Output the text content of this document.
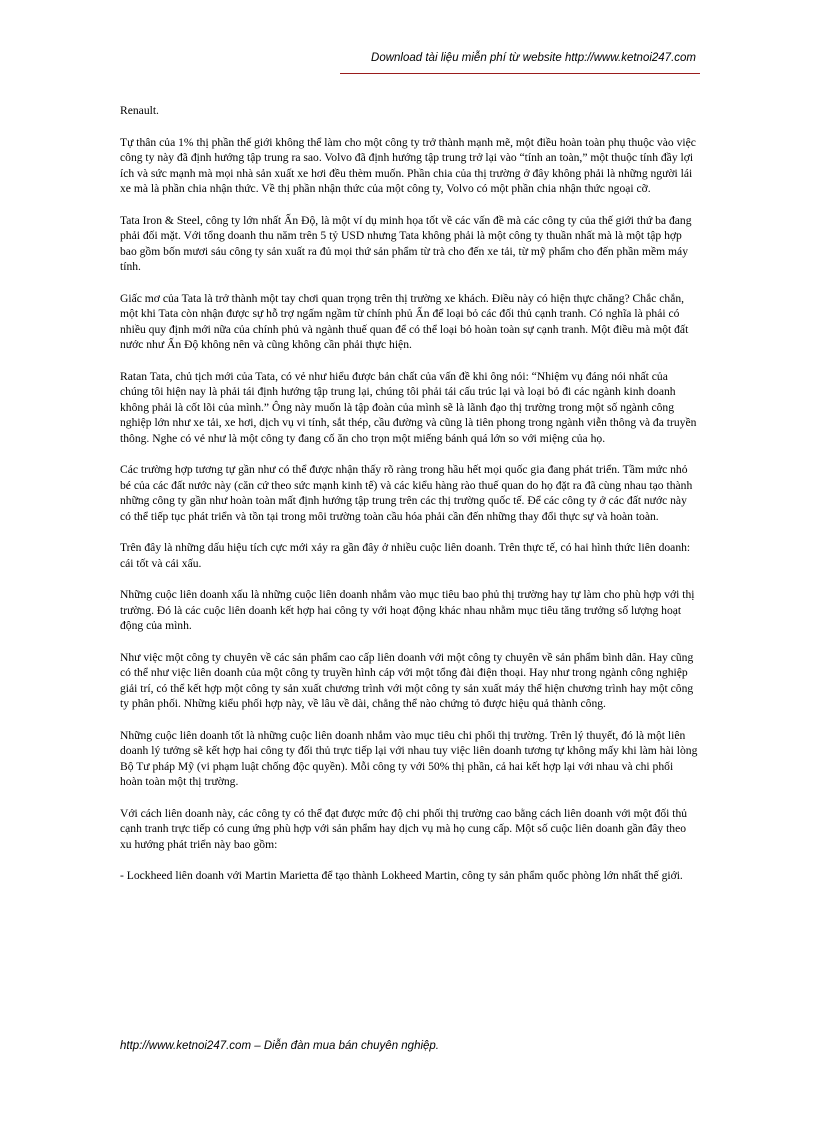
Download tài liệu miễn phí từ website http://www.ketnoi247.com

Renault.

Tự thân của 1% thị phần thế giới không thể làm cho một công ty trở thành mạnh mẽ, một điều hoàn toàn phụ thuộc vào việc công ty này đã định hướng tập trung ra sao. Volvo đã định hướng tập trung trở lại vào “tính an toàn,” một thuộc tính đầy lợi ích và sức mạnh mà mọi nhà sản xuất xe hơi đều thèm muốn. Phần chia của thị trường ở đây không phải là những người lái xe mà là phần chia nhận thức. Về thị phần nhận thức của một công ty, Volvo có một phần chia nhận thức ngoại cỡ.

Tata Iron & Steel, công ty lớn nhất Ấn Độ, là một ví dụ minh họa tốt về các vấn đề mà các công ty của thế giới thứ ba đang phải đối mặt. Với tổng doanh thu năm trên 5 tỷ USD nhưng Tata không phải là một công ty thuần nhất mà là một tập hợp bao gồm bốn mươi sáu công ty sản xuất ra đủ mọi thứ sản phẩm từ trà cho đến xe tải, từ mỹ phẩm cho đến phần mềm máy tính.

Giấc mơ của Tata là trở thành một tay chơi quan trọng trên thị trường xe khách. Điều này có hiện thực chăng? Chắc chắn, một khi Tata còn nhận được sự hỗ trợ ngấm ngầm từ chính phủ Ấn để loại bỏ các đối thủ cạnh tranh. Có nghĩa là phải có nhiều quy định mới nữa của chính phủ và ngành thuế quan để có thể loại bỏ hoàn toàn sự cạnh tranh. Một điều mà một đất nước như Ấn Độ không nên và cũng không cần phải thực hiện.

Ratan Tata, chủ tịch mới của Tata, có vẻ như hiểu được bản chất của vấn đề khi ông nói: “Nhiệm vụ đáng nói nhất của chúng tôi hiện nay là phải tái định hướng tập trung lại, chúng tôi phải tái cấu trúc lại và loại bỏ đi các ngành kinh doanh không phải là cốt lõi của mình.” Ông này muốn là tập đoàn của mình sẽ là lãnh đạo thị trường trong một số ngành công nghiệp lớn như xe tải, xe hơi, dịch vụ vi tính, sắt thép, cầu đường và cũng là tiên phong trong ngành viễn thông và đa truyền thông. Nghe có vẻ như là một công ty đang cố ăn cho trọn một miếng bánh quá lớn so với miệng của họ.

Các trường hợp tương tự gần như có thể được nhận thấy rõ ràng trong hầu hết mọi quốc gia đang phát triển. Tầm mức nhỏ bé của các đất nước này (căn cứ theo sức mạnh kinh tế) và các kiểu hàng rào thuế quan do họ đặt ra đã cùng nhau tạo thành những công ty gần như hoàn toàn mất định hướng tập trung trên các thị trường quốc tế. Để các công ty ở các đất nước này có thể tiếp tục phát triển và tồn tại trong môi trường toàn cầu hóa phải cần đến những thay đổi thực sự và hoàn toàn.

Trên đây là những dấu hiệu tích cực mới xảy ra gần đây ở nhiều cuộc liên doanh. Trên thực tế, có hai hình thức liên doanh: cái tốt và cái xấu.

Những cuộc liên doanh xấu là những cuộc liên doanh nhắm vào mục tiêu bao phủ thị trường hay tự làm cho phù hợp với thị trường. Đó là các cuộc liên doanh kết hợp hai công ty với hoạt động khác nhau nhằm mục tiêu tăng trưởng số lượng hoạt động của mình.

Như việc một công ty chuyên về các sản phẩm cao cấp liên doanh với một công ty chuyên về sản phẩm bình dân. Hay cũng có thể như việc liên doanh của một công ty truyền hình cáp với một tổng đài điện thoại. Hay như trong ngành công nghiệp giải trí, có thể kết hợp một công ty sản xuất chương trình với một công ty sản xuất máy thể hiện chương trình hay một công ty phân phối. Những kiểu phối hợp này, về lâu về dài, chẳng thể nào chứng tỏ được hiệu quả thành công.

Những cuộc liên doanh tốt là những cuộc liên doanh nhắm vào mục tiêu chi phối thị trường. Trên lý thuyết, đó là một liên doanh lý tưởng sẽ kết hợp hai công ty đối thủ trực tiếp lại với nhau tuy việc liên doanh tương tự không mấy khi làm hài lòng Bộ Tư pháp Mỹ (vi phạm luật chống độc quyền). Mỗi công ty với 50% thị phần, cả hai kết hợp lại với nhau và chi phối hoàn toàn một thị trường.

Với cách liên doanh này, các công ty có thể đạt được mức độ chi phối thị trường cao bằng cách liên doanh với một đối thủ cạnh tranh trực tiếp có cung ứng phù hợp với sản phẩm hay dịch vụ mà họ cung cấp. Một số cuộc liên doanh gần đây theo xu hướng phát triển này bao gồm:

- Lockheed liên doanh với Martin Marietta để tạo thành Lokheed Martin, công ty sản phẩm quốc phòng lớn nhất thế giới.

http://www.ketnoi247.com – Diễn đàn mua bán chuyên nghiệp.
